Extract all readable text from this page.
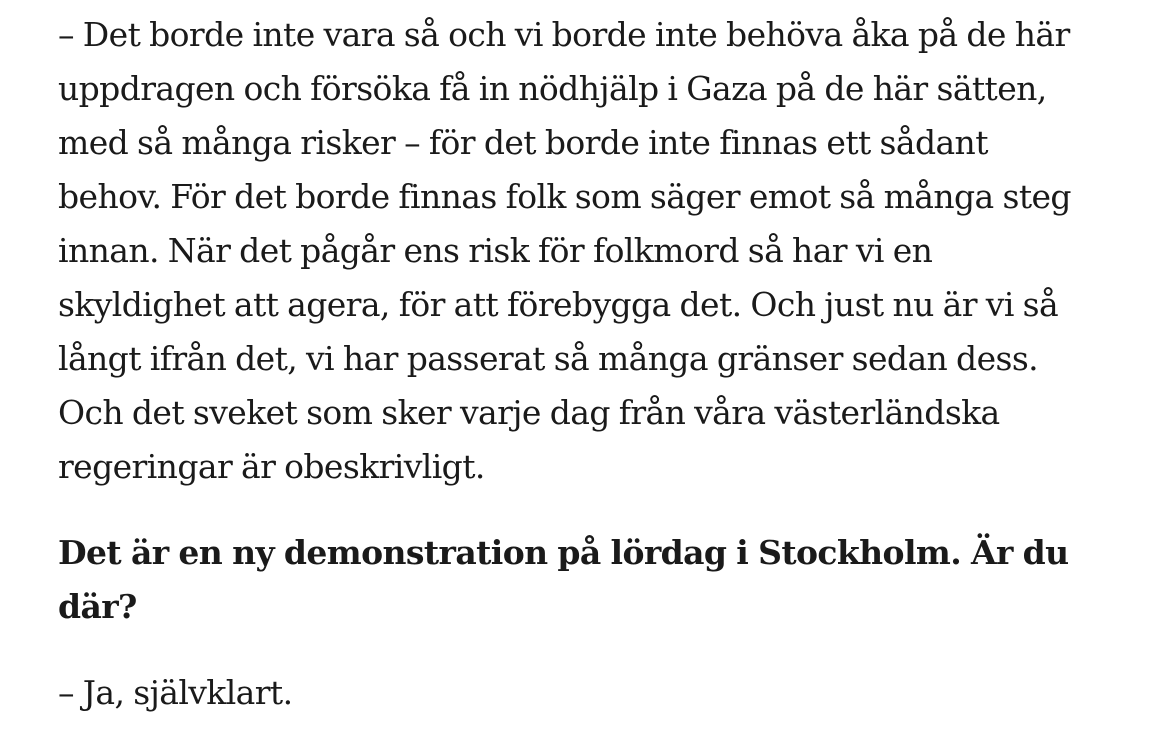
– Det borde inte vara så och vi borde inte behöva åka på de här
uppdragen och försöka få in nödhjälp i Gaza på de här sätten,
med så många risker – för det borde inte finnas ett sådant
behov. För det borde finnas folk som säger emot så många steg
innan. När det pågår ens risk för folkmord så har vi en
skyldighet att agera, för att förebygga det. Och just nu är vi så
långt ifrån det, vi har passerat så många gränser sedan dess.
Och det sveket som sker varje dag från våra västerländska
regeringar är obeskrivligt.

Det är en ny demonstration på lördag i Stockholm. Är du
där?

– Ja, självklart.
